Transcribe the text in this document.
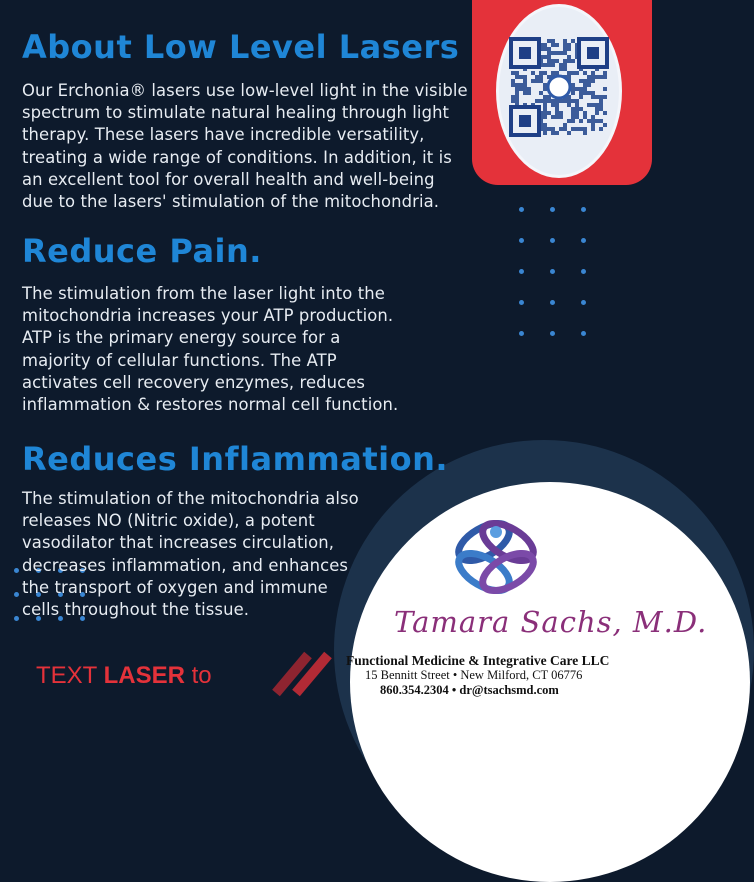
About Low Level Lasers

Our Erchonia® lasers use low-level light in the visible

spectrum to stimulate natural healing through light

therapy. These lasers have incredible versatility,

treating a wide range of conditions. In addition, it is

an excellent tool for overall health and well-being

due to the lasers' stimulation of the mitochondria.

Reduce Pain.

The stimulation from the laser light into the

mitochondria increases your ATP production.

ATP is the primary energy source for a

majority of cellular functions. The ATP

activates cell recovery enzymes, reduces

inflammation & restores normal cell function.

Tamara Sachs, M.D.

Functional Medicine & Integrative Care LLC

15 Bennitt Street • New Milford, CT 06776

860.354.2304 • dr@tsachsmd.com

Reduces Inflammation.

The stimulation of the mitochondria also

releases NO (Nitric oxide), a potent

vasodilator that increases circulation,

decreases inflammation, and enhances

the transport of oxygen and immune

cells throughout the tissue.

TEXT LASER to
